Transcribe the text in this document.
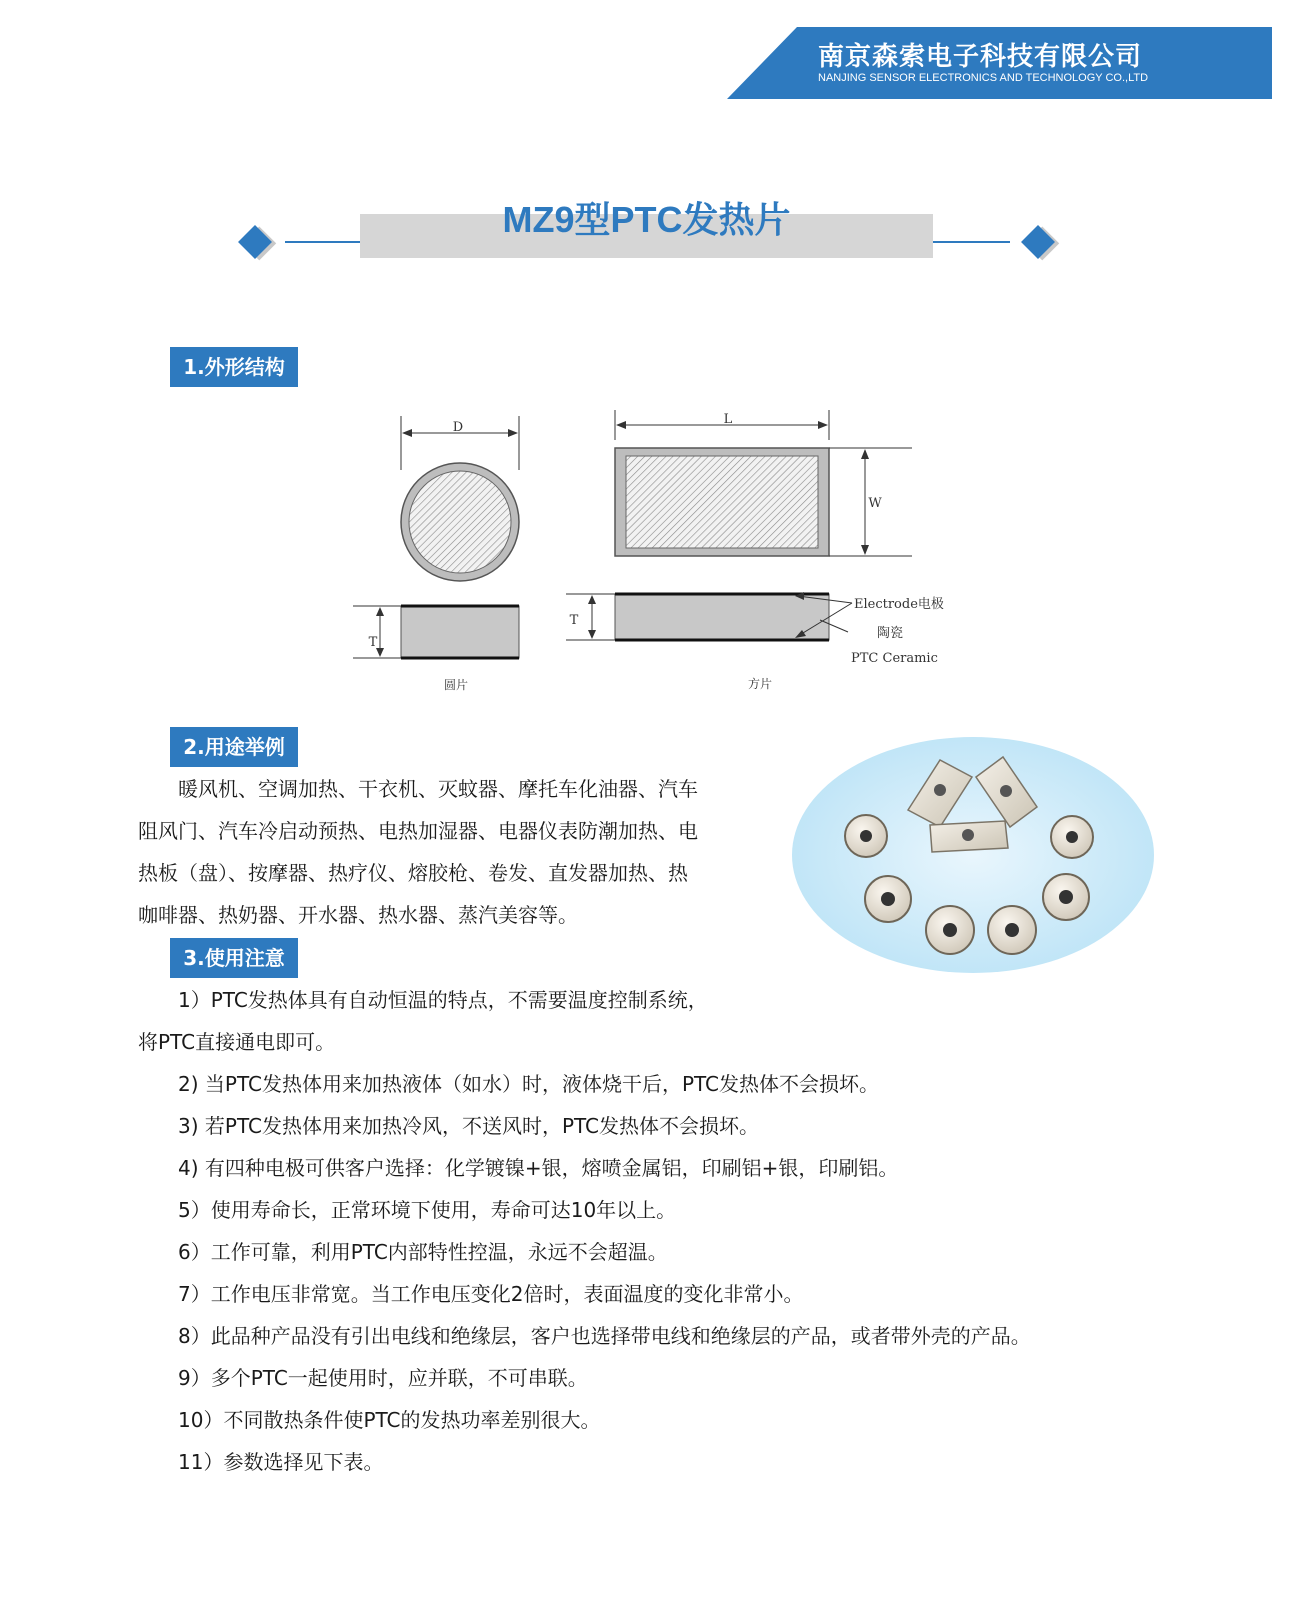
南京森索电子科技有限公司
NANJING SENSOR ELECTRONICS AND TECHNOLOGY CO.,LTD
MZ9型PTC发热片
1.外形结构
D
T
L
W
T
Electrode电极
陶瓷
PTC Ceramic
圆片	方片
2.用途举例
　　暖风机、空调加热、干衣机、灭蚊器、摩托车化油器、汽车
阻风门、汽车冷启动预热、电热加湿器、电器仪表防潮加热、电
热板（盘）、按摩器、热疗仪、熔胶枪、卷发、直发器加热、热
咖啡器、热奶器、开水器、热水器、蒸汽美容等。
3.使用注意
　　1）PTC发热体具有自动恒温的特点，不需要温度控制系统，
将PTC直接通电即可。
　　2) 当PTC发热体用来加热液体（如水）时，液体烧干后，PTC发热体不会损坏。
　　3) 若PTC发热体用来加热冷风，不送风时，PTC发热体不会损坏。
　　4) 有四种电极可供客户选择：化学镀镍+银，熔喷金属铝，印刷铝+银，印刷铝。
　　5）使用寿命长，正常环境下使用，寿命可达10年以上。
　　6）工作可靠，利用PTC内部特性控温，永远不会超温。
　　7）工作电压非常宽。当工作电压变化2倍时，表面温度的变化非常小。
　　8）此品种产品没有引出电线和绝缘层，客户也选择带电线和绝缘层的产品，或者带外壳的产品。
　　9）多个PTC一起使用时，应并联，不可串联。
　　10）不同散热条件使PTC的发热功率差别很大。
　　11）参数选择见下表。
